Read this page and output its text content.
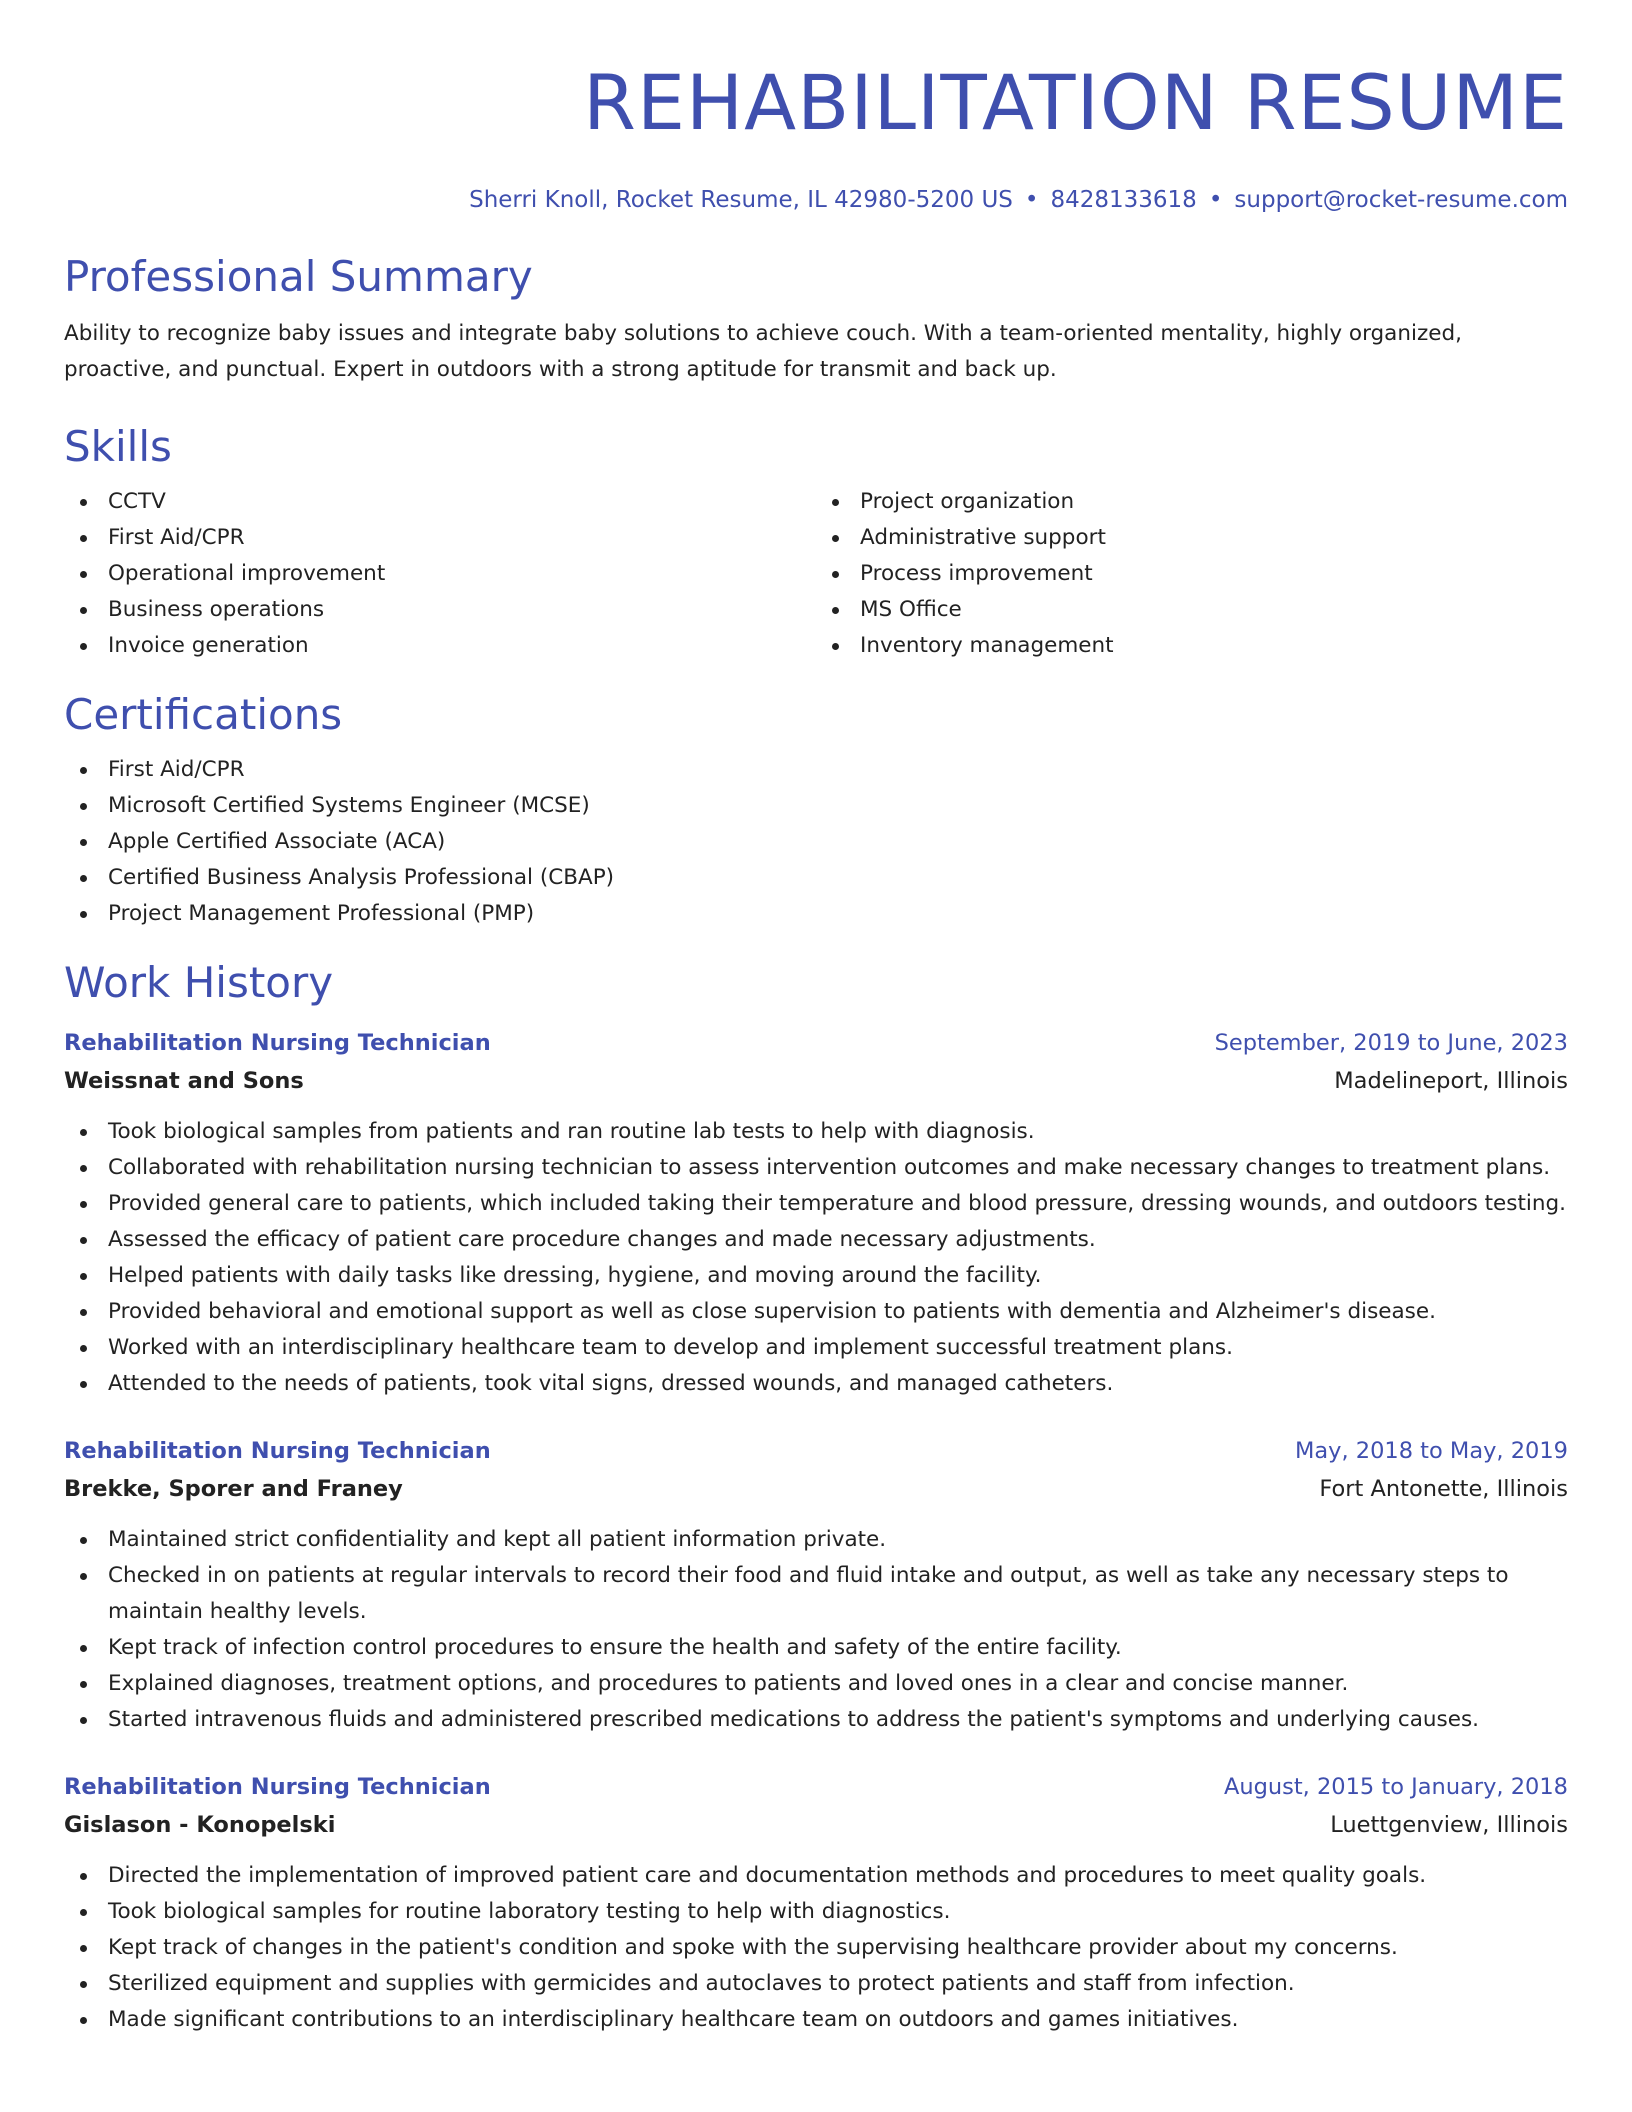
REHABILITATION RESUME
Sherri Knoll, Rocket Resume, IL 42980-5200 US • 8428133618 • support@rocket-resume.com
Professional Summary

Ability to recognize baby issues and integrate baby solutions to achieve couch. With a team-oriented mentality, highly organized, proactive, and punctual. Expert in outdoors with a strong aptitude for transmit and back up.

Skills
CCTV
First Aid/CPR
Operational improvement
Business operations
Invoice generation
Project organization
Administrative support
Process improvement
MS Office
Inventory management
Certifications
First Aid/CPR
Microsoft Certified Systems Engineer (MCSE)
Apple Certified Associate (ACA)
Certified Business Analysis Professional (CBAP)
Project Management Professional (PMP)
Work History
Rehabilitation Nursing Technician	September, 2019 to June, 2023
Weissnat and Sons	Madelineport, Illinois
Took biological samples from patients and ran routine lab tests to help with diagnosis.
Collaborated with rehabilitation nursing technician to assess intervention outcomes and make necessary changes to treatment plans.
Provided general care to patients, which included taking their temperature and blood pressure, dressing wounds, and outdoors testing.
Assessed the efficacy of patient care procedure changes and made necessary adjustments.
Helped patients with daily tasks like dressing, hygiene, and moving around the facility.
Provided behavioral and emotional support as well as close supervision to patients with dementia and Alzheimer's disease.
Worked with an interdisciplinary healthcare team to develop and implement successful treatment plans.
Attended to the needs of patients, took vital signs, dressed wounds, and managed catheters.
Rehabilitation Nursing Technician	May, 2018 to May, 2019
Brekke, Sporer and Franey	Fort Antonette, Illinois
Maintained strict confidentiality and kept all patient information private.
Checked in on patients at regular intervals to record their food and fluid intake and output, as well as take any necessary steps to maintain healthy levels.
Kept track of infection control procedures to ensure the health and safety of the entire facility.
Explained diagnoses, treatment options, and procedures to patients and loved ones in a clear and concise manner.
Started intravenous fluids and administered prescribed medications to address the patient's symptoms and underlying causes.
Rehabilitation Nursing Technician	August, 2015 to January, 2018
Gislason - Konopelski	Luettgenview, Illinois
Directed the implementation of improved patient care and documentation methods and procedures to meet quality goals.
Took biological samples for routine laboratory testing to help with diagnostics.
Kept track of changes in the patient's condition and spoke with the supervising healthcare provider about my concerns.
Sterilized equipment and supplies with germicides and autoclaves to protect patients and staff from infection.
Made significant contributions to an interdisciplinary healthcare team on outdoors and games initiatives.
